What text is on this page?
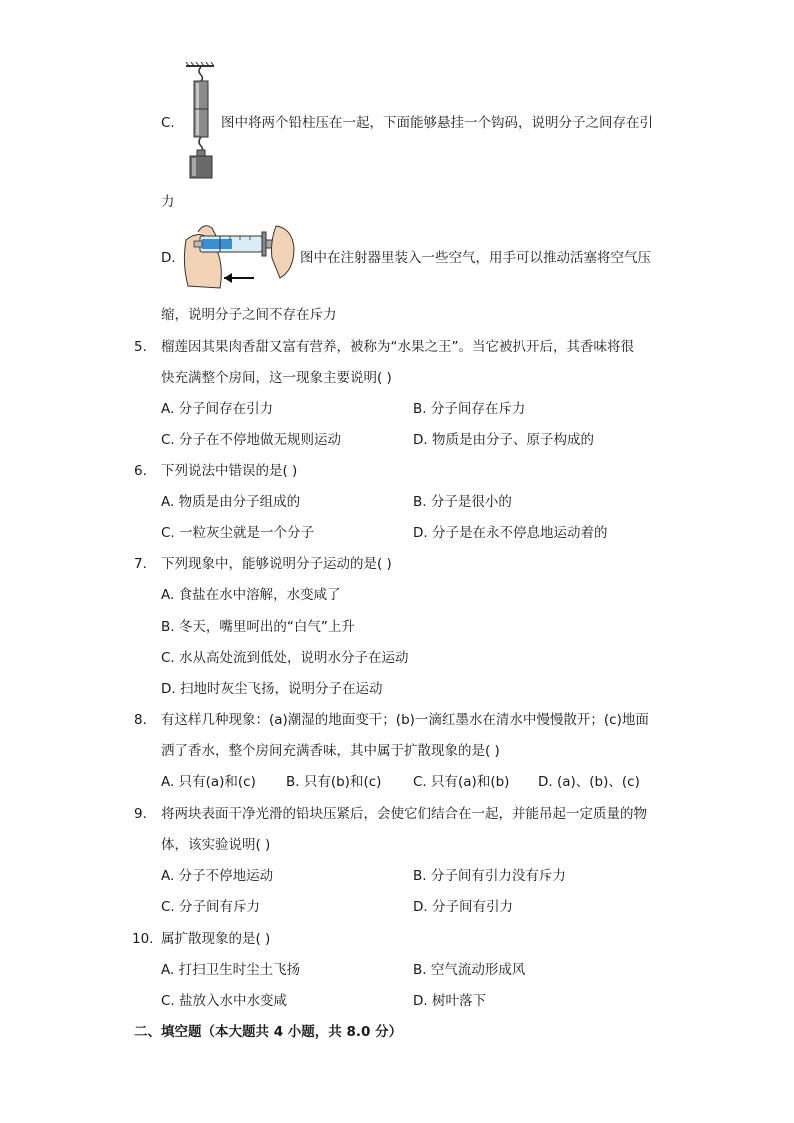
C.	图中将两个铅柱压在一起，下面能够悬挂一个钩码，说明分子之间存在引
力
D.	图中在注射器里装入一些空气，用手可以推动活塞将空气压
缩，说明分子之间不存在斥力
5.	榴莲因其果肉香甜又富有营养，被称为“水果之王”。当它被扒开后，其香味将很
快充满整个房间，这一现象主要说明( )
A. 分子间存在引力	B. 分子间存在斥力
C. 分子在不停地做无规则运动	D. 物质是由分子、原子构成的
6.	下列说法中错误的是( )
A. 物质是由分子组成的	B. 分子是很小的
C. 一粒灰尘就是一个分子	D. 分子是在永不停息地运动着的
7.	下列现象中，能够说明分子运动的是( )
A. 食盐在水中溶解，水变咸了
B. 冬天，嘴里呵出的“白气”上升
C. 水从高处流到低处，说明水分子在运动
D. 扫地时灰尘飞扬，说明分子在运动
8.	有这样几种现象：(a)潮湿的地面变干；(b)一滴红墨水在清水中慢慢散开；(c)地面
洒了香水，整个房间充满香味，其中属于扩散现象的是( )
A. 只有(a)和(c) B. 只有(b)和(c) C. 只有(a)和(b) D. (a)、(b)、(c)
9.	将两块表面干净光滑的铅块压紧后，会使它们结合在一起，并能吊起一定质量的物
体，该实验说明( )
A. 分子不停地运动	B. 分子间有引力没有斥力
C. 分子间有斥力	D. 分子间有引力
10. 属扩散现象的是( )
A. 打扫卫生时尘土飞扬	B. 空气流动形成风
C. 盐放入水中水变咸	D. 树叶落下
二、填空题（本大题共 4 小题，共 8.0 分）
